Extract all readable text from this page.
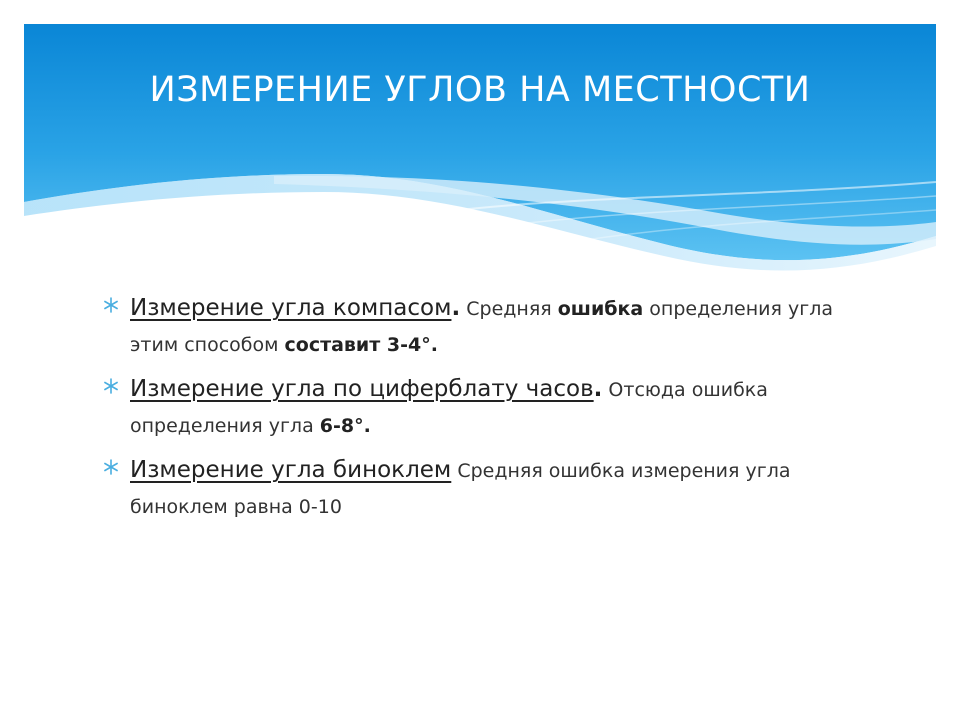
ИЗМЕРЕНИЕ УГЛОВ НА МЕСТНОСТИ
Измерение угла компасом. Средняя ошибка определения угла этим способом составит 3-4°.
Измерение угла по циферблату часов. Отсюда ошибка определения угла 6-8°.
Измерение угла биноклем Средняя ошибка измерения угла биноклем равна 0-10
